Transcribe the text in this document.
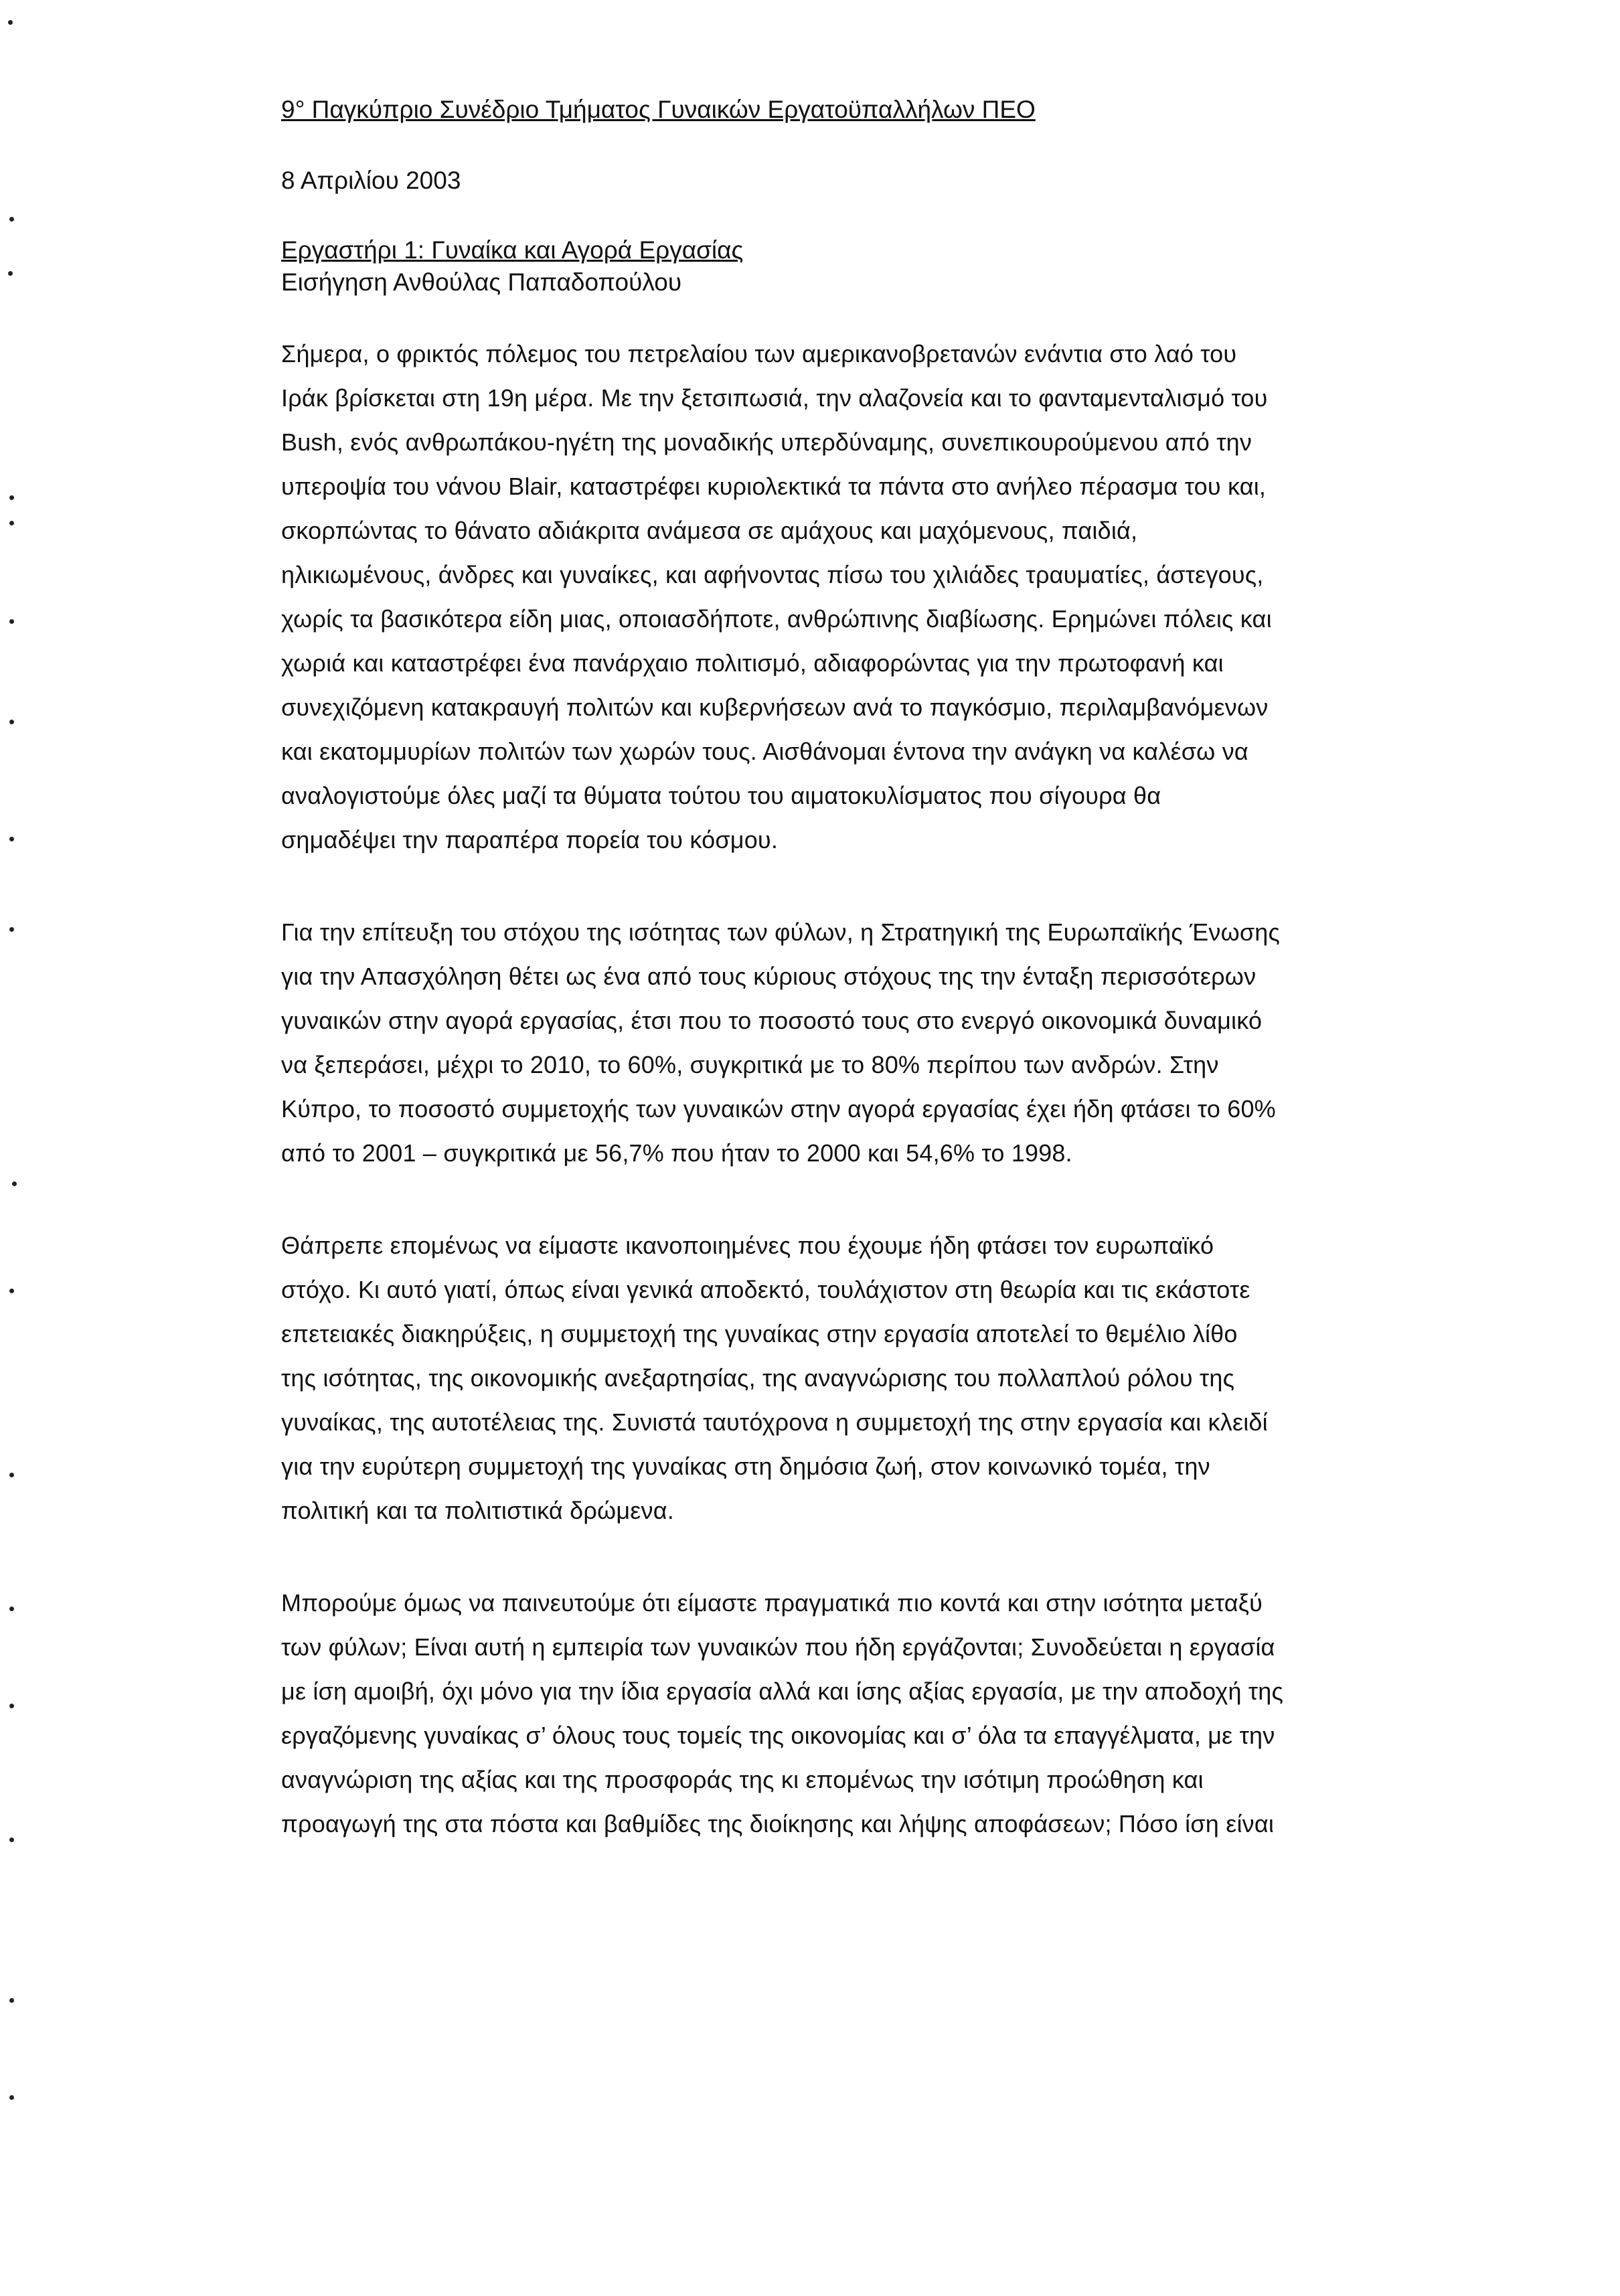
9° Παγκύπριο Συνέδριο Τμήματος Γυναικών Εργατοϋπαλλήλων ΠΕΟ
8 Απριλίου 2003
Εργαστήρι 1: Γυναίκα και Αγορά Εργασίας
Εισήγηση Ανθούλας Παπαδοπούλου

Σήμερα, ο φρικτός πόλεμος του πετρελαίου των αμερικανοβρετανών ενάντια στο λαό του

Ιράκ βρίσκεται στη 19η μέρα. Με την ξετσιπωσιά, την αλαζονεία και το φανταμενταλισμό του

Bush, ενός ανθρωπάκου-ηγέτη της μοναδικής υπερδύναμης, συνεπικουρούμενου από την

υπεροψία του νάνου Blair, καταστρέφει κυριολεκτικά τα πάντα στο ανήλεο πέρασμα του και,

σκορπώντας το θάνατο αδιάκριτα ανάμεσα σε αμάχους και μαχόμενους, παιδιά,

ηλικιωμένους, άνδρες και γυναίκες, και αφήνοντας πίσω του χιλιάδες τραυματίες, άστεγους,

χωρίς τα βασικότερα είδη μιας, οποιασδήποτε, ανθρώπινης διαβίωσης. Ερημώνει πόλεις και

χωριά και καταστρέφει ένα πανάρχαιο πολιτισμό, αδιαφορώντας για την πρωτοφανή και

συνεχιζόμενη κατακραυγή πολιτών και κυβερνήσεων ανά το παγκόσμιο, περιλαμβανόμενων

και εκατομμυρίων πολιτών των χωρών τους. Αισθάνομαι έντονα την ανάγκη να καλέσω να

αναλογιστούμε όλες μαζί τα θύματα τούτου του αιματοκυλίσματος που σίγουρα θα

σημαδέψει την παραπέρα πορεία του κόσμου.

Για την επίτευξη του στόχου της ισότητας των φύλων, η Στρατηγική της Ευρωπαϊκής Ένωσης

για την Απασχόληση θέτει ως ένα από τους κύριους στόχους της την ένταξη περισσότερων

γυναικών στην αγορά εργασίας, έτσι που το ποσοστό τους στο ενεργό οικονομικά δυναμικό

να ξεπεράσει, μέχρι το 2010, το 60%, συγκριτικά με το 80% περίπου των ανδρών. Στην

Κύπρο, το ποσοστό συμμετοχής των γυναικών στην αγορά εργασίας έχει ήδη φτάσει το 60%

από το 2001 – συγκριτικά με 56,7% που ήταν το 2000 και 54,6% το 1998.

Θάπρεπε επομένως να είμαστε ικανοποιημένες που έχουμε ήδη φτάσει τον ευρωπαϊκό

στόχο. Κι αυτό γιατί, όπως είναι γενικά αποδεκτό, τουλάχιστον στη θεωρία και τις εκάστοτε

επετειακές διακηρύξεις, η συμμετοχή της γυναίκας στην εργασία αποτελεί το θεμέλιο λίθο

της ισότητας, της οικονομικής ανεξαρτησίας, της αναγνώρισης του πολλαπλού ρόλου της

γυναίκας, της αυτοτέλειας της. Συνιστά ταυτόχρονα η συμμετοχή της στην εργασία και κλειδί

για την ευρύτερη συμμετοχή της γυναίκας στη δημόσια ζωή, στον κοινωνικό τομέα, την

πολιτική και τα πολιτιστικά δρώμενα.

Μπορούμε όμως να παινευτούμε ότι είμαστε πραγματικά πιο κοντά και στην ισότητα μεταξύ

των φύλων; Είναι αυτή η εμπειρία των γυναικών που ήδη εργάζονται; Συνοδεύεται η εργασία

με ίση αμοιβή, όχι μόνο για την ίδια εργασία αλλά και ίσης αξίας εργασία, με την αποδοχή της

εργαζόμενης γυναίκας σ’ όλους τους τομείς της οικονομίας και σ’ όλα τα επαγγέλματα, με την

αναγνώριση της αξίας και της προσφοράς της κι επομένως την ισότιμη προώθηση και

προαγωγή της στα πόστα και βαθμίδες της διοίκησης και λήψης αποφάσεων; Πόσο ίση είναι
